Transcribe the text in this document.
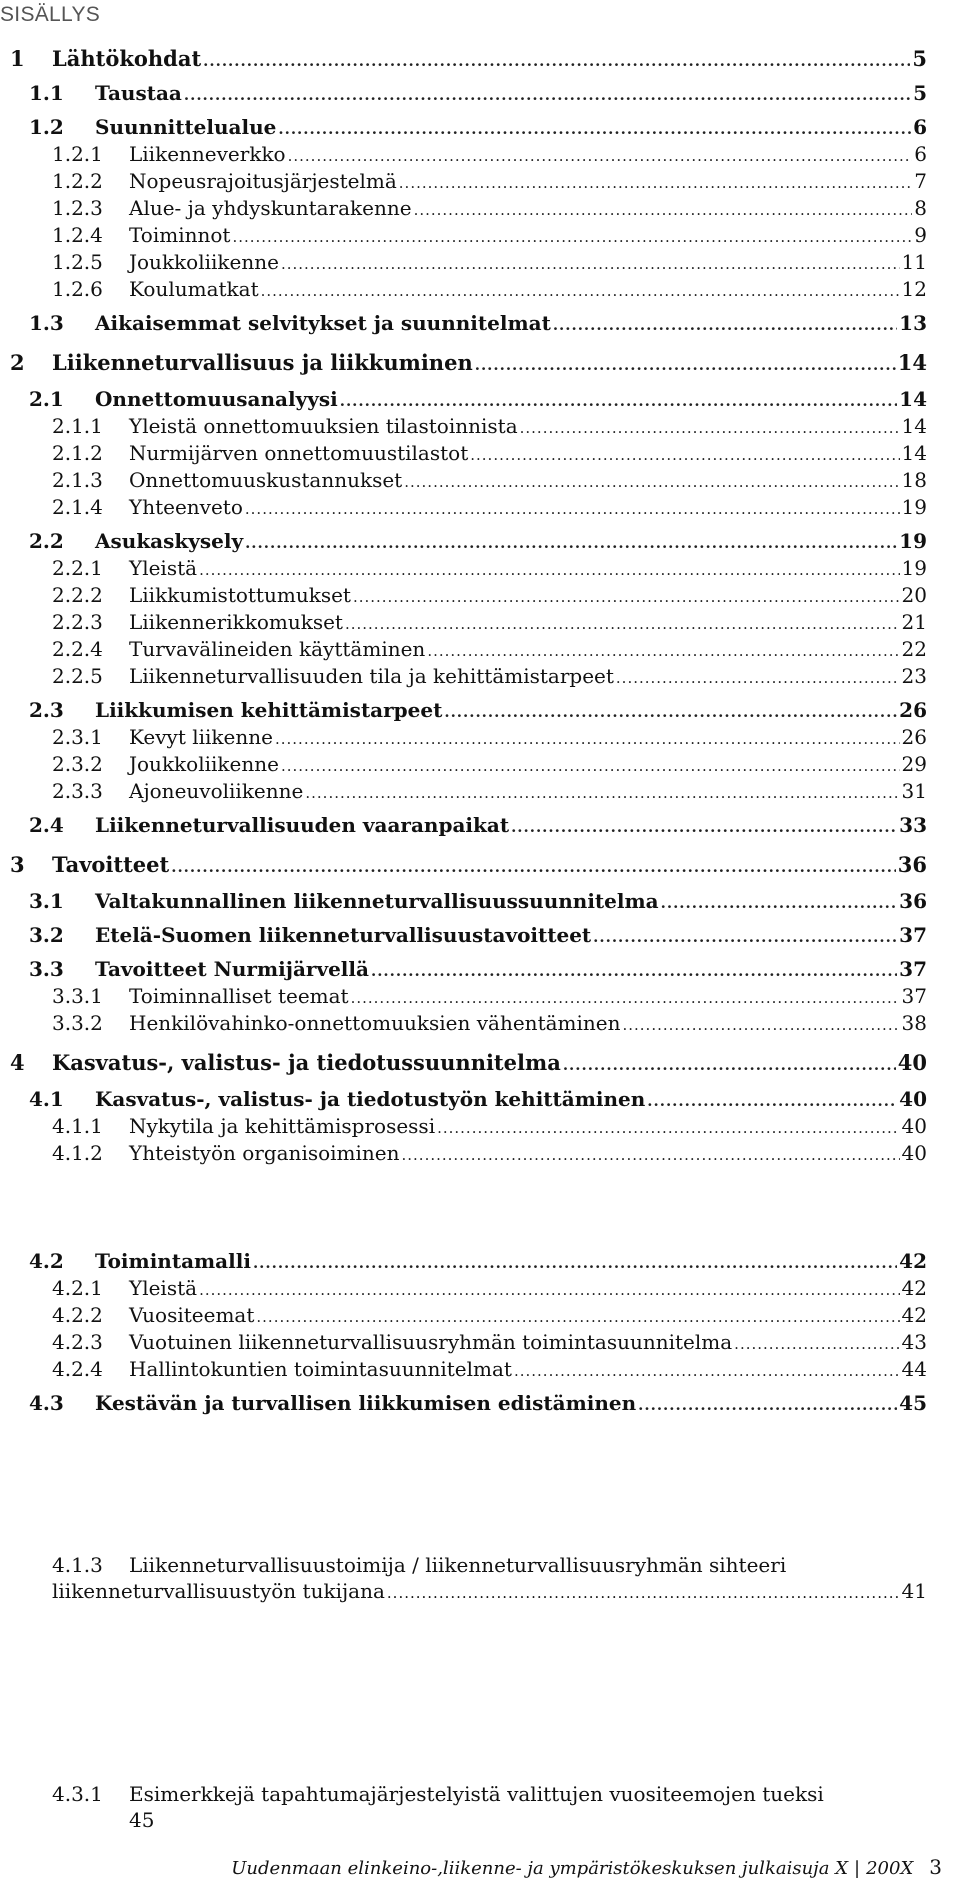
SISÄLLYS
1	Lähtökohdat .....	5
1.1	Taustaa .....	5
1.2	Suunnittelualue .....	6
1.2.1	Liikenneverkko .....	6
1.2.2	Nopeusrajoitusjärjestelmä .....	7
1.2.3	Alue- ja yhdyskuntarakenne .....	8
1.2.4	Toiminnot .....	9
1.2.5	Joukkoliikenne .....	11
1.2.6	Koulumatkat .....	12
1.3	Aikaisemmat selvitykset ja suunnitelmat .....	13
2	Liikenneturvallisuus ja liikkuminen .....	14
2.1	Onnettomuusanalyysi .....	14
2.1.1	Yleistä onnettomuuksien tilastoinnista .....	14
2.1.2	Nurmijärven onnettomuustilastot .....	14
2.1.3	Onnettomuuskustannukset .....	18
2.1.4	Yhteenveto .....	19
2.2	Asukaskysely .....	19
2.2.1	Yleistä .....	19
2.2.2	Liikkumistottumukset .....	20
2.2.3	Liikennerikkomukset .....	21
2.2.4	Turvavälineiden käyttäminen .....	22
2.2.5	Liikenneturvallisuuden tila ja kehittämistarpeet .....	23
2.3	Liikkumisen kehittämistarpeet .....	26
2.3.1	Kevyt liikenne .....	26
2.3.2	Joukkoliikenne .....	29
2.3.3	Ajoneuvoliikenne .....	31
2.4	Liikenneturvallisuuden vaaranpaikat .....	33
3	Tavoitteet .....	36
3.1	Valtakunnallinen liikenneturvallisuussuunnitelma .....	36
3.2	Etelä-Suomen liikenneturvallisuustavoitteet .....	37
3.3	Tavoitteet Nurmijärvellä .....	37
3.3.1	Toiminnalliset teemat .....	37
3.3.2	Henkilövahinko-onnettomuuksien vähentäminen .....	38
4	Kasvatus-, valistus- ja tiedotussuunnitelma .....	40
4.1	Kasvatus-, valistus- ja tiedotustyön kehittäminen .....	40
4.1.1	Nykytila ja kehittämisprosessi .....	40
4.1.2	Yhteistyön organisoiminen .....	40
4.2	Toimintamalli .....	42
4.2.1	Yleistä .....	42
4.2.2	Vuositeemat .....	42
4.2.3	Vuotuinen liikenneturvallisuusryhmän toimintasuunnitelma .....	43
4.2.4	Hallintokuntien toimintasuunnitelmat .....	44
4.3	Kestävän ja turvallisen liikkumisen edistäminen .....	45
4.1.3	Liikenneturvallisuustoimija / liikenneturvallisuusryhmän sihteeri
liikenneturvallisuustyön tukijana .....	41
4.3.1	Esimerkkejä tapahtumajärjestelyistä valittujen vuositeemojen tueksi
45
Uudenmaan elinkeino-,liikenne- ja ympäristökeskuksen julkaisuja X | 200X 3
